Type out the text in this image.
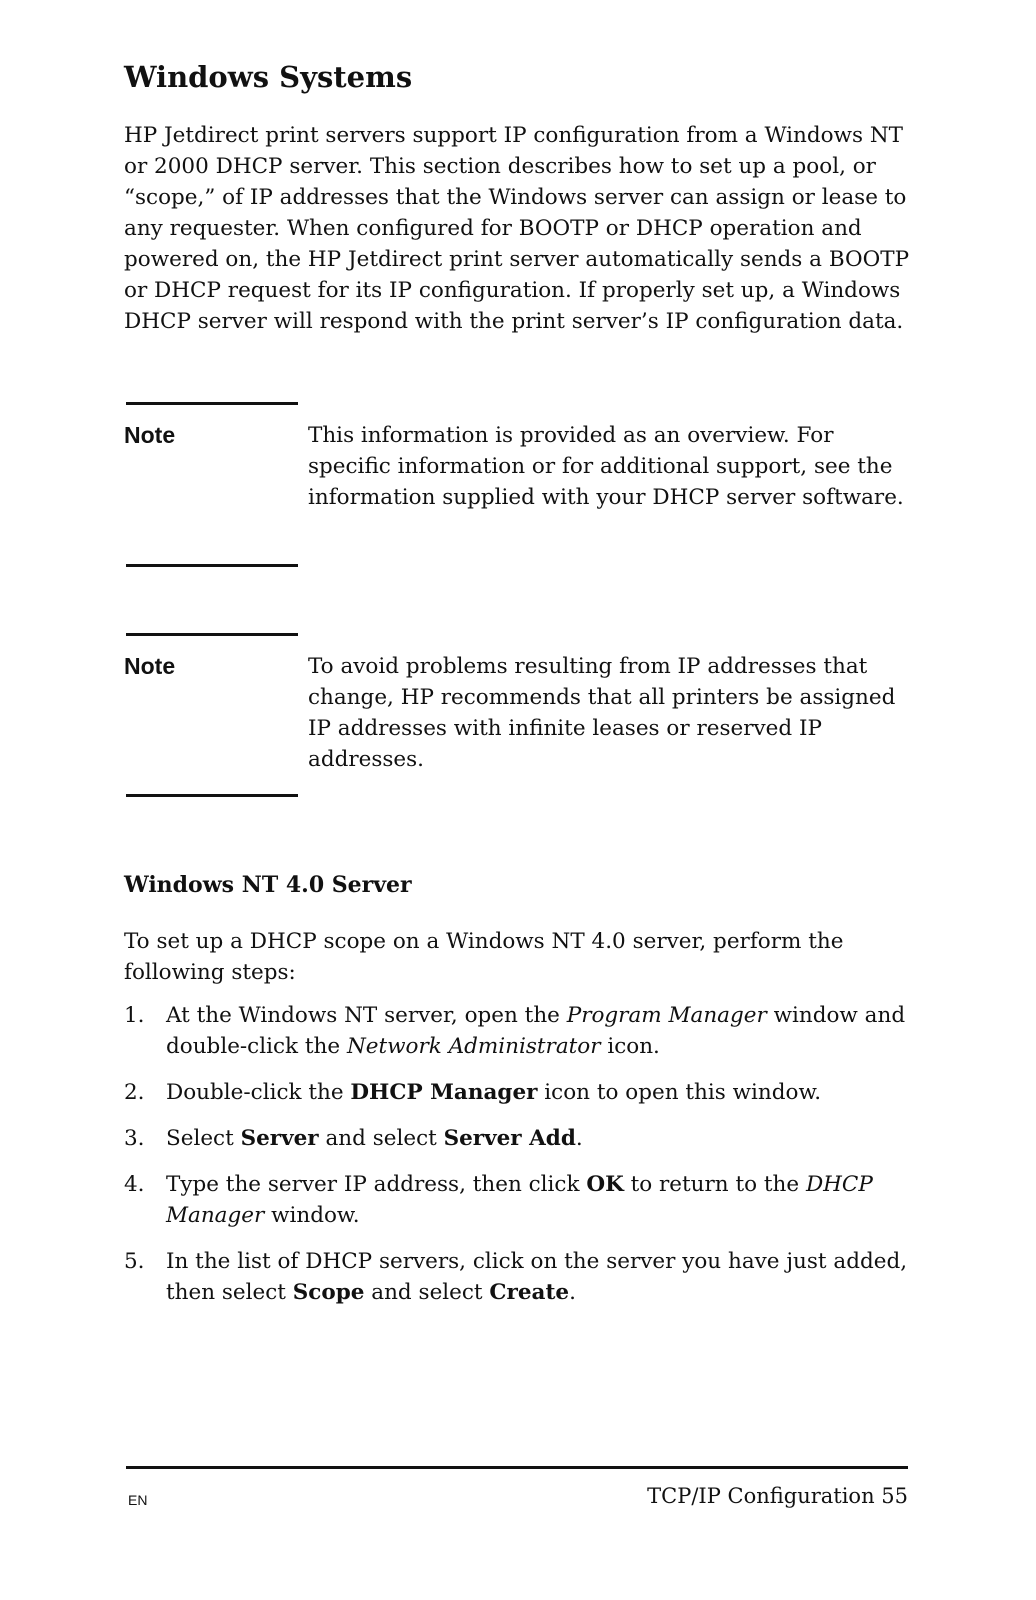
Windows Systems
HP Jetdirect print servers support IP configuration from a Windows NT or 2000 DHCP server. This section describes how to set up a pool, or “scope,” of IP addresses that the Windows server can assign or lease to any requester. When configured for BOOTP or DHCP operation and powered on, the HP Jetdirect print server automatically sends a BOOTP or DHCP request for its IP configuration. If properly set up, a Windows DHCP server will respond with the print server’s IP configuration data.
Note	This information is provided as an overview. For specific information or for additional support, see the information supplied with your DHCP server software.
Note	To avoid problems resulting from IP addresses that change, HP recommends that all printers be assigned IP addresses with infinite leases or reserved IP addresses.
Windows NT 4.0 Server
To set up a DHCP scope on a Windows NT 4.0 server, perform the following steps:
1. At the Windows NT server, open the Program Manager window and double-click the Network Administrator icon.
2. Double-click the DHCP Manager icon to open this window.
3. Select Server and select Server Add.
4. Type the server IP address, then click OK to return to the DHCP Manager window.
5. In the list of DHCP servers, click on the server you have just added, then select Scope and select Create.
EN	TCP/IP Configuration 55
